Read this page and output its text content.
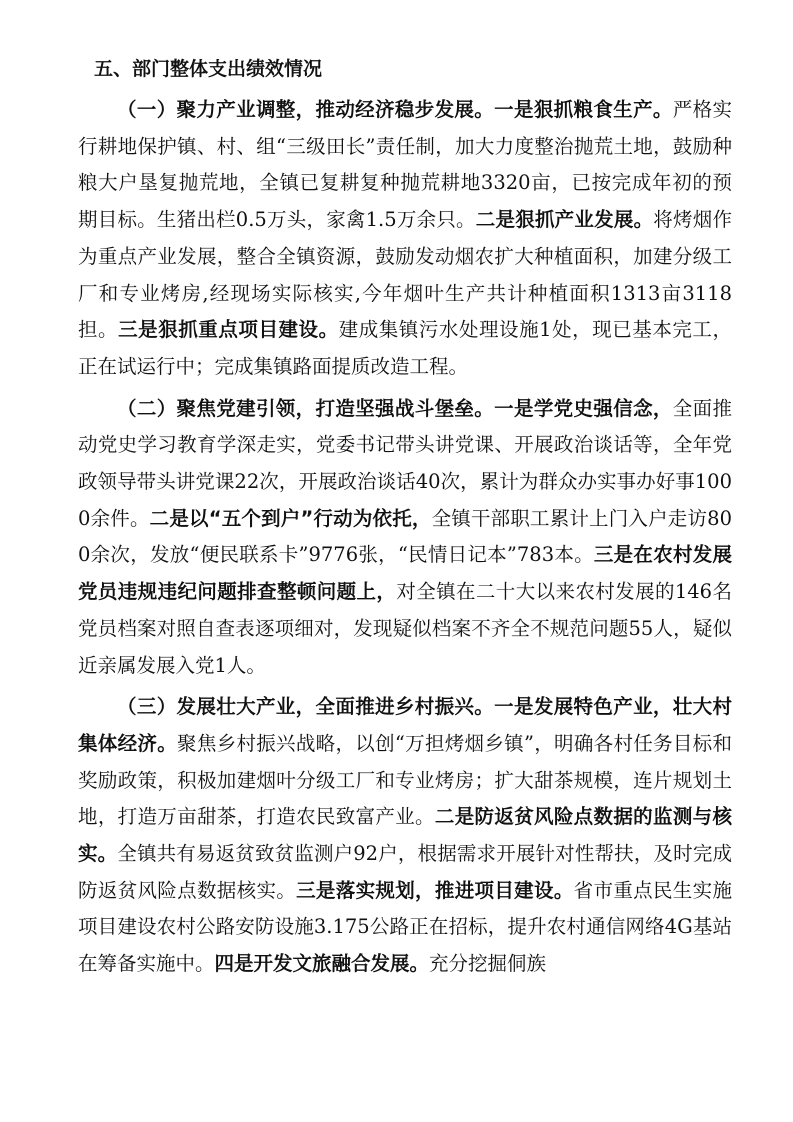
五、部门整体支出绩效情况

（一）聚力产业调整，推动经济稳步发展。一是狠抓粮食生产。严格实行耕地保护镇、村、组“三级田长”责任制，加大力度整治抛荒土地，鼓励种粮大户垦复抛荒地，全镇已复耕复种抛荒耕地3320亩，已按完成年初的预期目标。生猪出栏0.5万头，家禽1.5万余只。二是狠抓产业发展。将烤烟作为重点产业发展，整合全镇资源，鼓励发动烟农扩大种植面积，加建分级工厂和专业烤房,经现场实际核实,今年烟叶生产共计种植面积1313亩3118担。三是狠抓重点项目建设。建成集镇污水处理设施1处，现已基本完工，正在试运行中；完成集镇路面提质改造工程。

（二）聚焦党建引领，打造坚强战斗堡垒。一是学党史强信念，全面推动党史学习教育学深走实，党委书记带头讲党课、开展政治谈话等，全年党政领导带头讲党课22次，开展政治谈话40次，累计为群众办实事办好事1000余件。二是以“五个到户”行动为依托，全镇干部职工累计上门入户走访800余次，发放“便民联系卡”9776张，“民情日记本”783本。三是在农村发展党员违规违纪问题排查整顿问题上，对全镇在二十大以来农村发展的146名党员档案对照自查表逐项细对，发现疑似档案不齐全不规范问题55人，疑似近亲属发展入党1人。

（三）发展壮大产业，全面推进乡村振兴。一是发展特色产业，壮大村集体经济。聚焦乡村振兴战略，以创“万担烤烟乡镇”，明确各村任务目标和奖励政策，积极加建烟叶分级工厂和专业烤房；扩大甜茶规模，连片规划土地，打造万亩甜茶，打造农民致富产业。二是防返贫风险点数据的监测与核实。全镇共有易返贫致贫监测户92户，根据需求开展针对性帮扶，及时完成防返贫风险点数据核实。三是落实规划，推进项目建设。省市重点民生实施项目建设农村公路安防设施3.175公路正在招标，提升农村通信网络4G基站在筹备实施中。四是开发文旅融合发展。充分挖掘侗族
